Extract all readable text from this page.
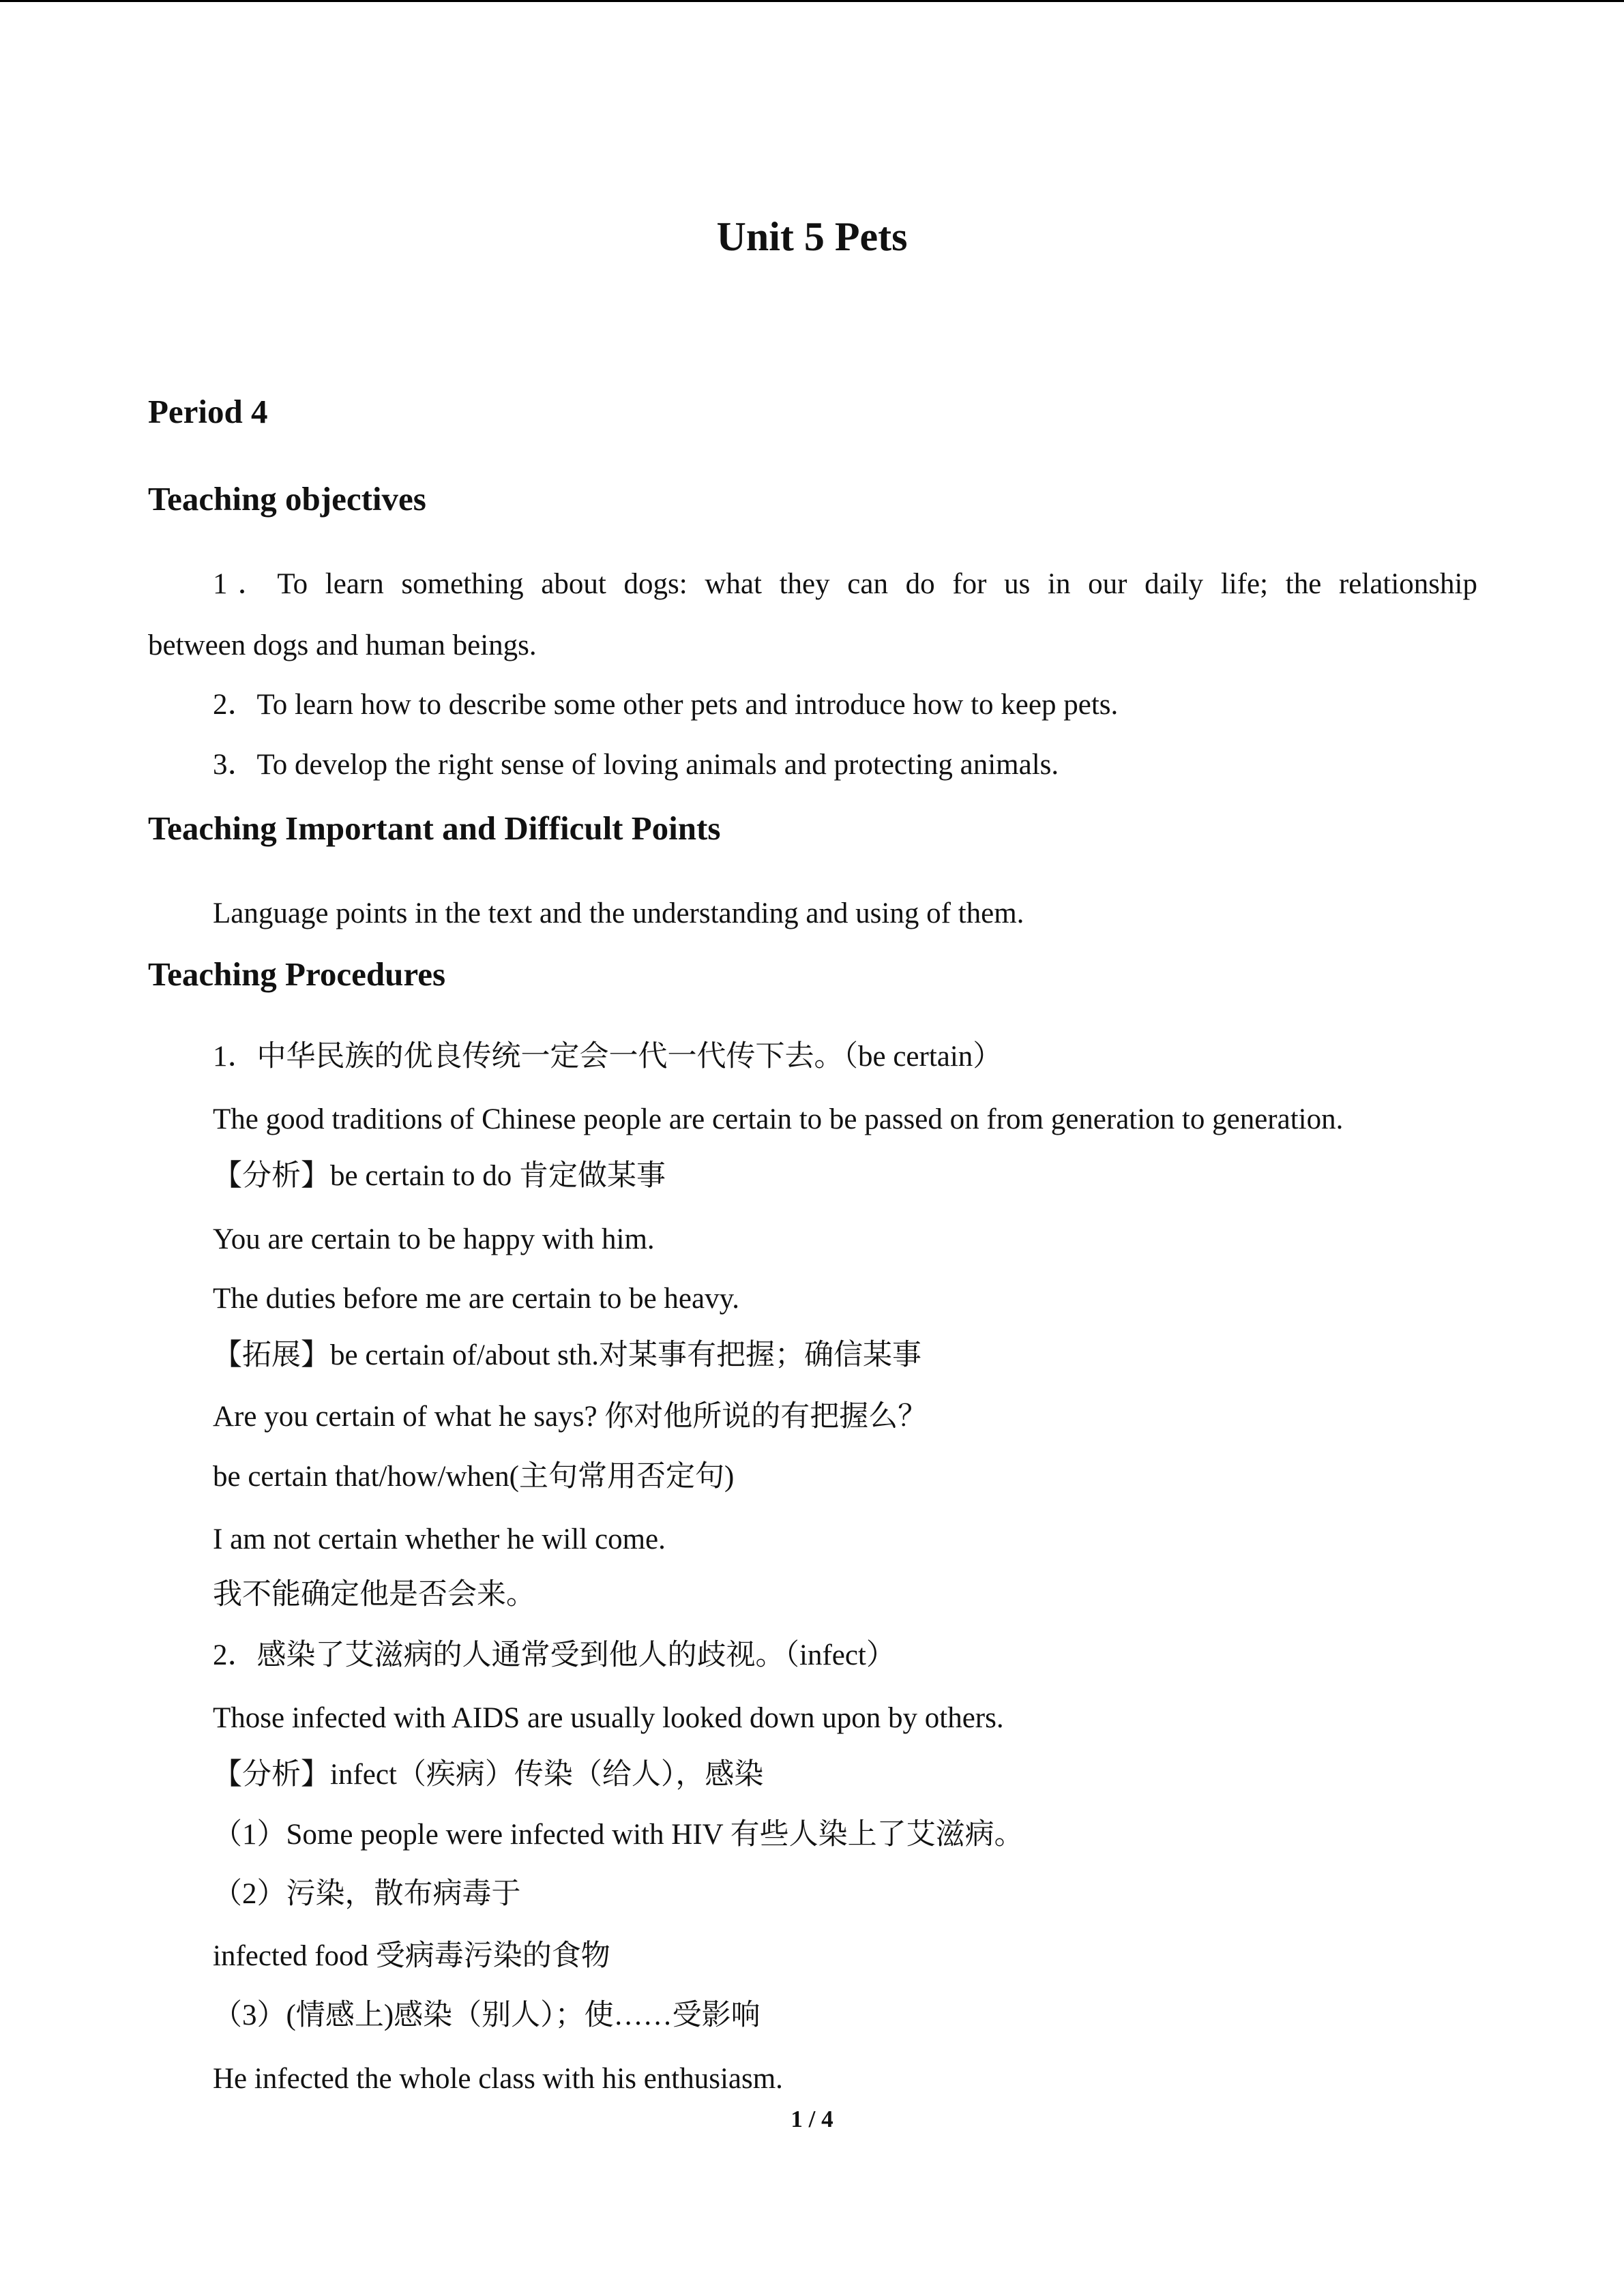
Unit 5 Pets
Period 4
Teaching objectives
1．To learn something about dogs: what they can do for us in our daily life; the relationship
between dogs and human beings.
2．To learn how to describe some other pets and introduce how to keep pets.
3．To develop the right sense of loving animals and protecting animals.
Teaching Important and Difficult Points
Language points in the text and the understanding and using of them.
Teaching Procedures
1．中华民族的优良传统一定会一代一代传下去。（be certain）
The good traditions of Chinese people are certain to be passed on from generation to generation.
【分析】be certain to do 肯定做某事
You are certain to be happy with him.
The duties before me are certain to be heavy.
【拓展】be certain of/about sth.对某事有把握；确信某事
Are you certain of what he says? 你对他所说的有把握么？
be certain that/how/when(主句常用否定句)
I am not certain whether he will come.
我不能确定他是否会来。
2．感染了艾滋病的人通常受到他人的歧视。（infect）
Those infected with AIDS are usually looked down upon by others.
【分析】infect（疾病）传染（给人），感染
（1）Some people were infected with HIV 有些人染上了艾滋病。
（2）污染，散布病毒于
infected food 受病毒污染的食物
（3）(情感上)感染（别人）；使……受影响
He infected the whole class with his enthusiasm.
1 / 4
